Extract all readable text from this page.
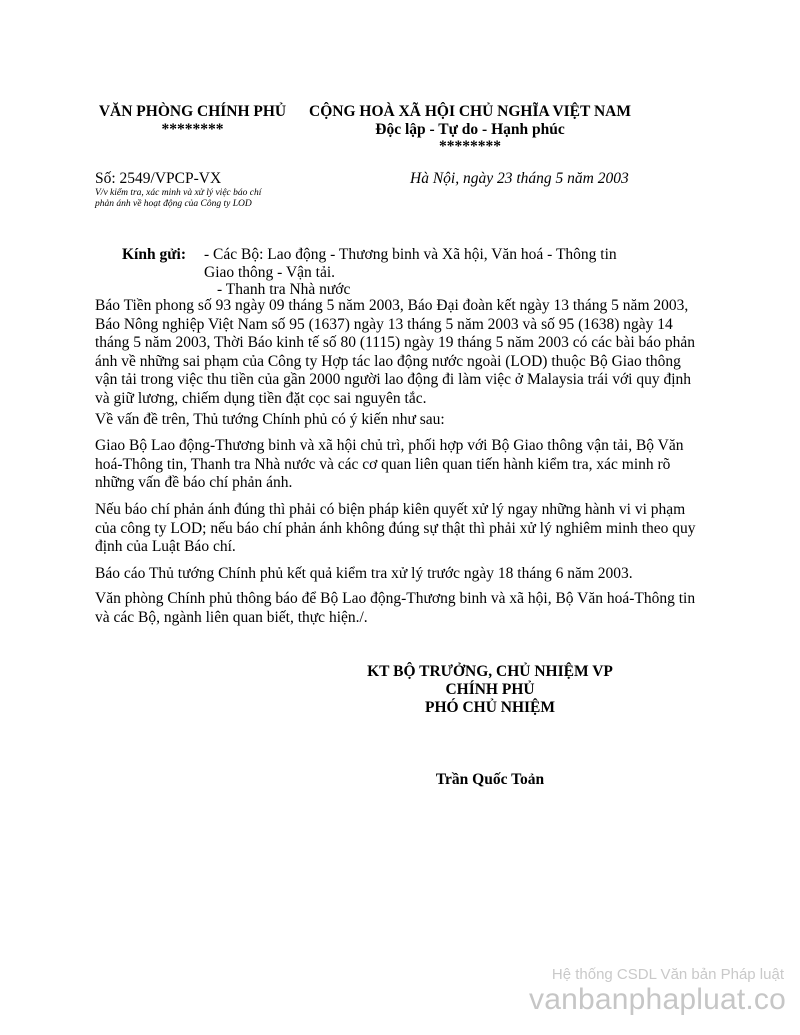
VĂN PHÒNG CHÍNH PHỦ
********
CỘNG HOÀ XÃ HỘI CHỦ NGHĨA VIỆT NAM
Độc lập - Tự do - Hạnh phúc
********
Số: 2549/VPCP-VX
V/v kiểm tra, xác minh và xử lý việc báo chí
phản ánh về hoạt động của Công ty LOD
Hà Nội, ngày 23 tháng 5 năm 2003
Kính gửi: - Các Bộ: Lao động - Thương binh và Xã hội, Văn hoá - Thông tin
Giao thông - Vận tải.
- Thanh tra Nhà nước
Báo Tiền phong số 93 ngày 09 tháng 5 năm 2003, Báo Đại đoàn kết ngày 13 tháng 5 năm 2003,
Báo Nông nghiệp Việt Nam số 95 (1637) ngày 13 tháng 5 năm 2003 và số 95 (1638) ngày 14
tháng 5 năm 2003, Thời Báo kinh tế số 80 (1115) ngày 19 tháng 5 năm 2003 có các bài báo phản
ánh về những sai phạm của Công ty Hợp tác lao động nước ngoài (LOD) thuộc Bộ Giao thông
vận tải trong việc thu tiền của gần 2000 người lao động đi làm việc ở Malaysia trái với quy định
và giữ lương, chiếm dụng tiền đặt cọc sai nguyên tắc.
Về vấn đề trên, Thủ tướng Chính phủ có ý kiến như sau:
Giao Bộ Lao động-Thương binh và xã hội chủ trì, phối hợp với Bộ Giao thông vận tải, Bộ Văn
hoá-Thông tin, Thanh tra Nhà nước và các cơ quan liên quan tiến hành kiểm tra, xác minh rõ
những vấn đề báo chí phản ánh.
Nếu báo chí phản ánh đúng thì phải có biện pháp kiên quyết xử lý ngay những hành vi vi phạm
của công ty LOD; nếu báo chí phản ánh không đúng sự thật thì phải xử lý nghiêm minh theo quy
định của Luật Báo chí.
Báo cáo Thủ tướng Chính phủ kết quả kiểm tra xử lý trước ngày 18 tháng 6 năm 2003.
Văn phòng Chính phủ thông báo để Bộ Lao động-Thương binh và xã hội, Bộ Văn hoá-Thông tin
và các Bộ, ngành liên quan biết, thực hiện./.
KT BỘ TRƯỞNG, CHỦ NHIỆM VP
CHÍNH PHỦ
PHÓ CHỦ NHIỆM
Trần Quốc Toản
Hệ thống CSDL Văn bản Pháp luật
vanbanphapluat.co
